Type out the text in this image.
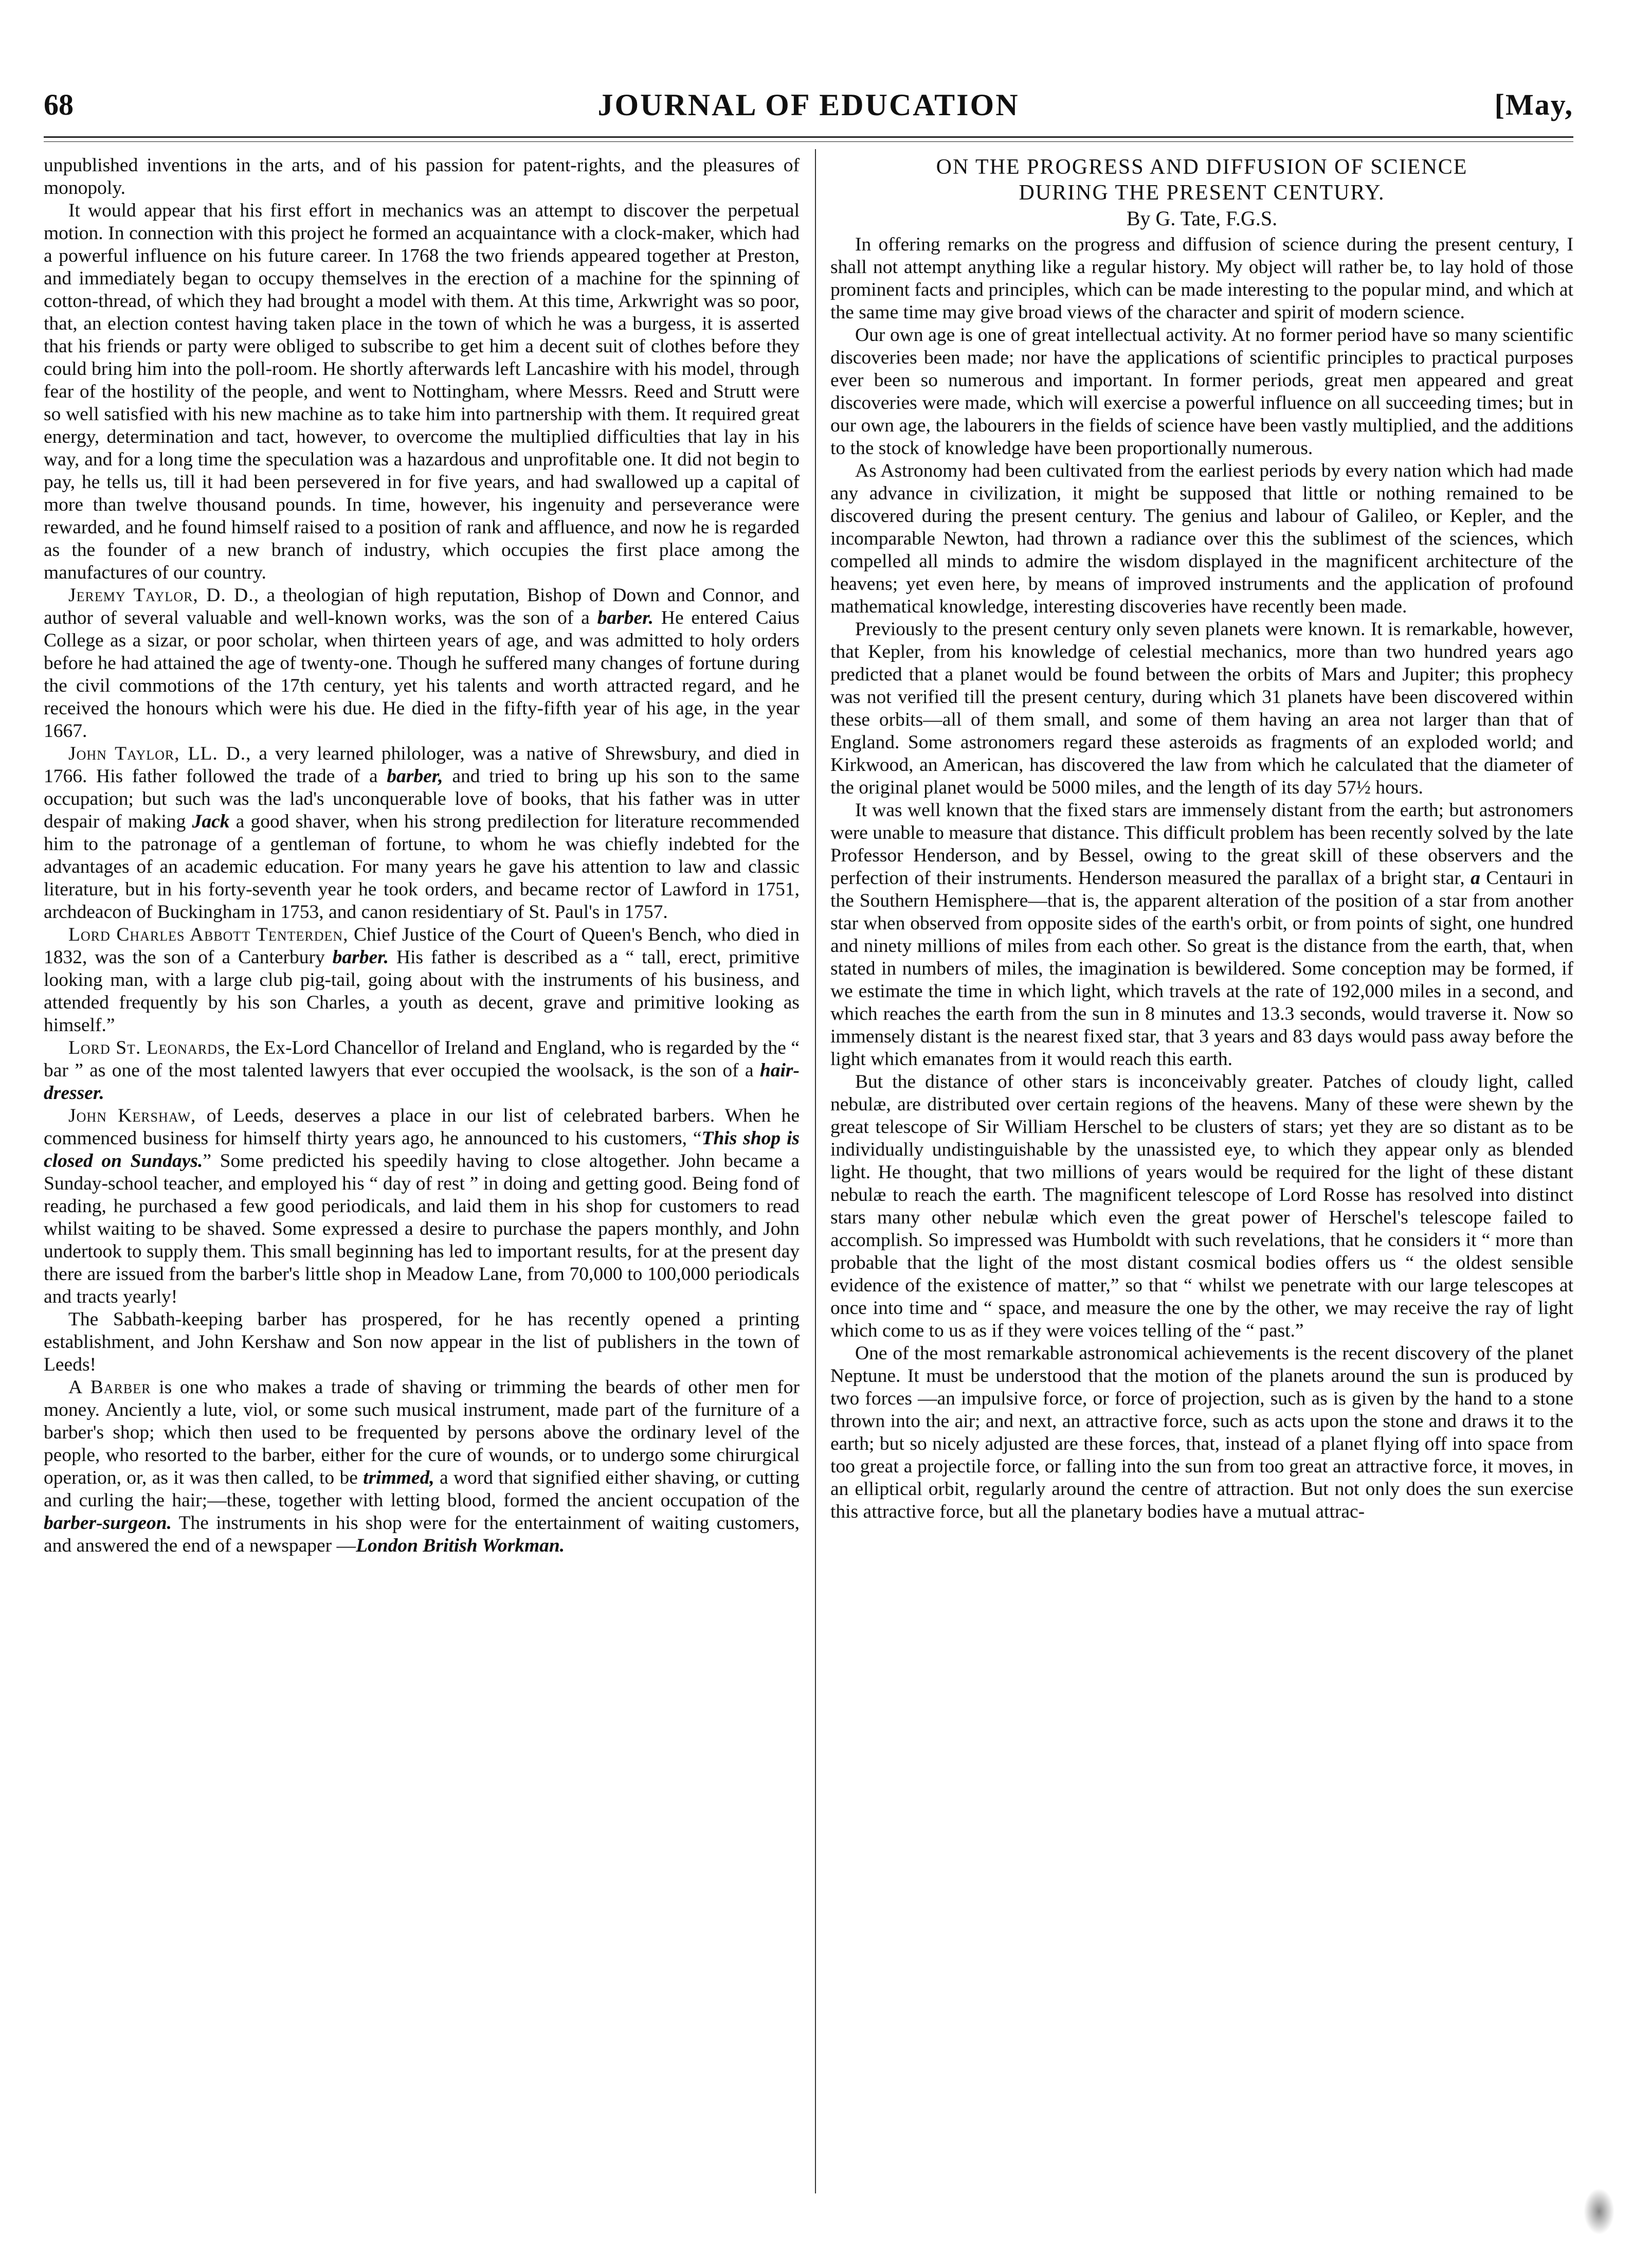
68	JOURNAL OF EDUCATION	[May,

unpublished inventions in the arts, and of his passion for patent-rights, and the pleasures of monopoly.

It would appear that his first effort in mechanics was an attempt to discover the perpetual motion. In connection with this project he formed an acquaintance with a clock-maker, which had a powerful influence on his future career. In 1768 the two friends appeared together at Preston, and immediately began to occupy themselves in the erection of a machine for the spinning of cotton-thread, of which they had brought a model with them. At this time, Arkwright was so poor, that, an election contest having taken place in the town of which he was a burgess, it is asserted that his friends or party were obliged to subscribe to get him a decent suit of clothes before they could bring him into the poll-room. He shortly afterwards left Lancashire with his model, through fear of the hostility of the people, and went to Nottingham, where Messrs. Reed and Strutt were so well satisfied with his new machine as to take him into partnership with them. It required great energy, determination and tact, however, to overcome the multiplied difficulties that lay in his way, and for a long time the speculation was a hazardous and unprofitable one. It did not begin to pay, he tells us, till it had been persevered in for five years, and had swallowed up a capital of more than twelve thousand pounds. In time, however, his ingenuity and perseverance were rewarded, and he found himself raised to a position of rank and affluence, and now he is regarded as the founder of a new branch of industry, which occupies the first place among the manufactures of our country.

Jeremy Taylor, D. D., a theologian of high reputation, Bishop of Down and Connor, and author of several valuable and well-known works, was the son of a barber. He entered Caius College as a sizar, or poor scholar, when thirteen years of age, and was admitted to holy orders before he had attained the age of twenty-one. Though he suffered many changes of fortune during the civil commotions of the 17th century, yet his talents and worth attracted regard, and he received the honours which were his due. He died in the fifty-fifth year of his age, in the year 1667.

John Taylor, LL. D., a very learned philologer, was a native of Shrewsbury, and died in 1766. His father followed the trade of a barber, and tried to bring up his son to the same occupation; but such was the lad's unconquerable love of books, that his father was in utter despair of making Jack a good shaver, when his strong predilection for literature recommended him to the patronage of a gentleman of fortune, to whom he was chiefly indebted for the advantages of an academic education. For many years he gave his attention to law and classic literature, but in his forty-seventh year he took orders, and became rector of Lawford in 1751, archdeacon of Buckingham in 1753, and canon residentiary of St. Paul's in 1757.

Lord Charles Abbott Tenterden, Chief Justice of the Court of Queen's Bench, who died in 1832, was the son of a Canterbury barber. His father is described as a “ tall, erect, primitive looking man, with a large club pig-tail, going about with the instruments of his business, and attended frequently by his son Charles, a youth as decent, grave and primitive looking as himself.”

Lord St. Leonards, the Ex-Lord Chancellor of Ireland and England, who is regarded by the “ bar ” as one of the most talented lawyers that ever occupied the woolsack, is the son of a hair-dresser.

John Kershaw, of Leeds, deserves a place in our list of celebrated barbers. When he commenced business for himself thirty years ago, he announced to his customers, “This shop is closed on Sundays.” Some predicted his speedily having to close altogether. John became a Sunday-school teacher, and employed his “ day of rest ” in doing and getting good. Being fond of reading, he purchased a few good periodicals, and laid them in his shop for customers to read whilst waiting to be shaved. Some expressed a desire to purchase the papers monthly, and John undertook to supply them. This small beginning has led to important results, for at the present day there are issued from the barber's little shop in Meadow Lane, from 70,000 to 100,000 periodicals and tracts yearly!

The Sabbath-keeping barber has prospered, for he has recently opened a printing establishment, and John Kershaw and Son now appear in the list of publishers in the town of Leeds!

A Barber is one who makes a trade of shaving or trimming the beards of other men for money. Anciently a lute, viol, or some such musical instrument, made part of the furniture of a barber's shop; which then used to be frequented by persons above the ordinary level of the people, who resorted to the barber, either for the cure of wounds, or to undergo some chirurgical operation, or, as it was then called, to be trimmed, a word that signified either shaving, or cutting and curling the hair;—these, together with letting blood, formed the ancient occupation of the barber-surgeon. The instruments in his shop were for the entertainment of waiting customers, and answered the end of a newspaper —London British Workman.

ON THE PROGRESS AND DIFFUSION OF SCIENCE
DURING THE PRESENT CENTURY.
By G. Tate, F.G.S.

In offering remarks on the progress and diffusion of science during the present century, I shall not attempt anything like a regular history. My object will rather be, to lay hold of those prominent facts and principles, which can be made interesting to the popular mind, and which at the same time may give broad views of the character and spirit of modern science.

Our own age is one of great intellectual activity. At no former period have so many scientific discoveries been made; nor have the applications of scientific principles to practical purposes ever been so numerous and important. In former periods, great men appeared and great discoveries were made, which will exercise a powerful influence on all succeeding times; but in our own age, the labourers in the fields of science have been vastly multiplied, and the additions to the stock of knowledge have been proportionally numerous.

As Astronomy had been cultivated from the earliest periods by every nation which had made any advance in civilization, it might be supposed that little or nothing remained to be discovered during the present century. The genius and labour of Galileo, or Kepler, and the incomparable Newton, had thrown a radiance over this the sublimest of the sciences, which compelled all minds to admire the wisdom displayed in the magnificent architecture of the heavens; yet even here, by means of improved instruments and the application of profound mathematical knowledge, interesting discoveries have recently been made.

Previously to the present century only seven planets were known. It is remarkable, however, that Kepler, from his knowledge of celestial mechanics, more than two hundred years ago predicted that a planet would be found between the orbits of Mars and Jupiter; this prophecy was not verified till the present century, during which 31 planets have been discovered within these orbits—all of them small, and some of them having an area not larger than that of England. Some astronomers regard these asteroids as fragments of an exploded world; and Kirkwood, an American, has discovered the law from which he calculated that the diameter of the original planet would be 5000 miles, and the length of its day 57½ hours.

It was well known that the fixed stars are immensely distant from the earth; but astronomers were unable to measure that distance. This difficult problem has been recently solved by the late Professor Henderson, and by Bessel, owing to the great skill of these observers and the perfection of their instruments. Henderson measured the parallax of a bright star, a Centauri in the Southern Hemisphere—that is, the apparent alteration of the position of a star from another star when observed from opposite sides of the earth's orbit, or from points of sight, one hundred and ninety millions of miles from each other. So great is the distance from the earth, that, when stated in numbers of miles, the imagination is bewildered. Some conception may be formed, if we estimate the time in which light, which travels at the rate of 192,000 miles in a second, and which reaches the earth from the sun in 8 minutes and 13.3 seconds, would traverse it. Now so immensely distant is the nearest fixed star, that 3 years and 83 days would pass away before the light which emanates from it would reach this earth.

But the distance of other stars is inconceivably greater. Patches of cloudy light, called nebulæ, are distributed over certain regions of the heavens. Many of these were shewn by the great telescope of Sir William Herschel to be clusters of stars; yet they are so distant as to be individually undistinguishable by the unassisted eye, to which they appear only as blended light. He thought, that two millions of years would be required for the light of these distant nebulæ to reach the earth. The magnificent telescope of Lord Rosse has resolved into distinct stars many other nebulæ which even the great power of Herschel's telescope failed to accomplish. So impressed was Humboldt with such revelations, that he considers it “ more than probable that the light of the most distant cosmical bodies offers us “ the oldest sensible evidence of the existence of matter,” so that “ whilst we penetrate with our large telescopes at once into time and “ space, and measure the one by the other, we may receive the ray of light which come to us as if they were voices telling of the “ past.”

One of the most remarkable astronomical achievements is the recent discovery of the planet Neptune. It must be understood that the motion of the planets around the sun is produced by two forces —an impulsive force, or force of projection, such as is given by the hand to a stone thrown into the air; and next, an attractive force, such as acts upon the stone and draws it to the earth; but so nicely adjusted are these forces, that, instead of a planet flying off into space from too great a projectile force, or falling into the sun from too great an attractive force, it moves, in an elliptical orbit, regularly around the centre of attraction. But not only does the sun exercise this attractive force, but all the planetary bodies have a mutual attrac-
